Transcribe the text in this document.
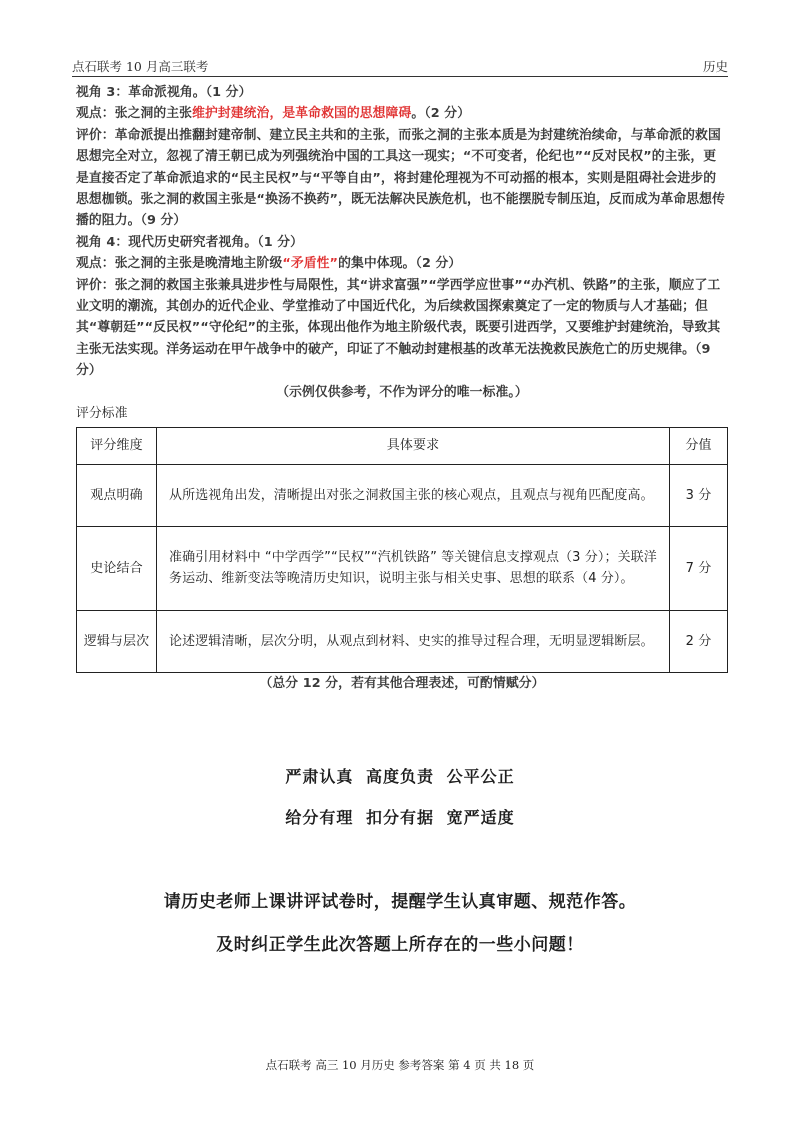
点石联考 10 月高三联考	历史

视角 3：革命派视角。（1 分）

观点：张之洞的主张维护封建统治，是革命救国的思想障碍。（2 分）

评价：革命派提出推翻封建帝制、建立民主共和的主张，而张之洞的主张本质是为封建统治续命，与革命派的救国思想完全对立，忽视了清王朝已成为列强统治中国的工具这一现实；“不可变者，伦纪也”“反对民权”的主张，更是直接否定了革命派追求的“民主民权”与“平等自由”，将封建伦理视为不可动摇的根本，实则是阻碍社会进步的思想枷锁。张之洞的救国主张是“换汤不换药”，既无法解决民族危机，也不能摆脱专制压迫，反而成为革命思想传播的阻力。（9 分）

视角 4：现代历史研究者视角。（1 分）

观点：张之洞的主张是晚清地主阶级“矛盾性”的集中体现。（2 分）

评价：张之洞的救国主张兼具进步性与局限性，其“讲求富强”“学西学应世事”“办汽机、铁路”的主张，顺应了工业文明的潮流，其创办的近代企业、学堂推动了中国近代化，为后续救国探索奠定了一定的物质与人才基础；但其“尊朝廷”“反民权”“守伦纪”的主张，体现出他作为地主阶级代表，既要引进西学，又要维护封建统治，导致其主张无法实现。洋务运动在甲午战争中的破产，印证了不触动封建根基的改革无法挽救民族危亡的历史规律。（9 分）

（示例仅供参考，不作为评分的唯一标准。）

评分标准

评分维度	具体要求	分值
观点明确	从所选视角出发，清晰提出对张之洞救国主张的核心观点，且观点与视角匹配度高。	3 分
史论结合	准确引用材料中 “中学西学”“民权”“汽机铁路” 等关键信息支撑观点（3 分）；关联洋务运动、维新变法等晚清历史知识，说明主张与相关史事、思想的联系（4 分）。	7 分
逻辑与层次	论述逻辑清晰，层次分明，从观点到材料、史实的推导过程合理，无明显逻辑断层。	2 分

（总分 12 分，若有其他合理表述，可酌情赋分）

严肃认真 高度负责 公平公正
给分有理 扣分有据 宽严适度
请历史老师上课讲评试卷时，提醒学生认真审题、规范作答。
及时纠正学生此次答题上所存在的一些小问题！
点石联考 高三 10 月历史 参考答案 第 4 页 共 18 页
